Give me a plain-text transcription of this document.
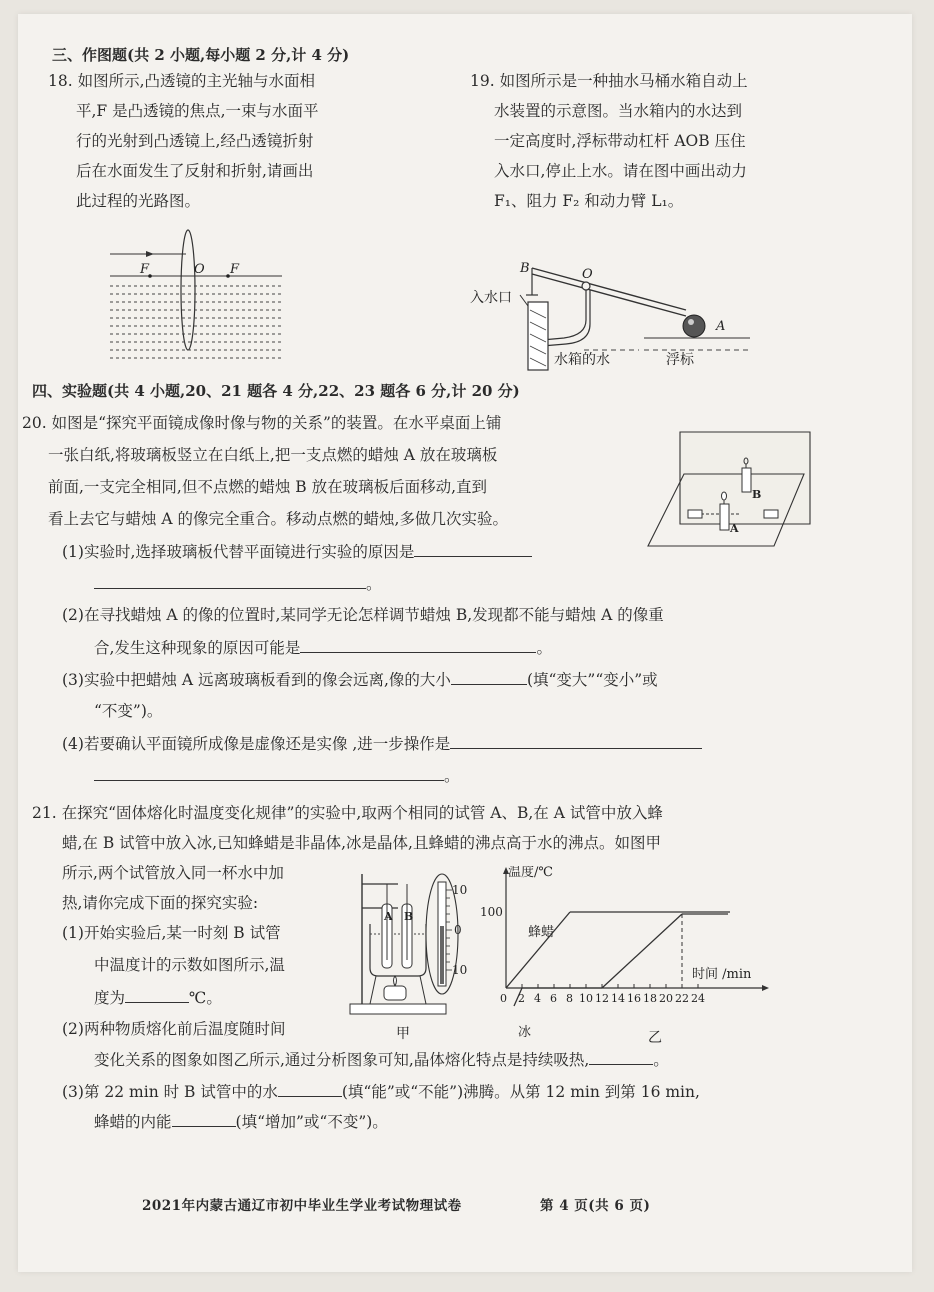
三、作图题(共 2 小题,每小题 2 分,计 4 分)
18. 如图所示,凸透镜的主光轴与水面相
平,F 是凸透镜的焦点,一束与水面平
行的光射到凸透镜上,经凸透镜折射
后在水面发生了反射和折射,请画出
此过程的光路图。
19. 如图所示是一种抽水马桶水箱自动上
水装置的示意图。当水箱内的水达到
一定高度时,浮标带动杠杆 AOB 压住
入水口,停止上水。请在图中画出动力
F₁、阻力 F₂ 和动力臂 L₁。
F	O F	B	O
A
入水口
水箱的水	浮标
四、实验题(共 4 小题,20、21 题各 4 分,22、23 题各 6 分,计 20 分)
20. 如图是“探究平面镜成像时像与物的关系”的装置。在水平桌面上铺
一张白纸,将玻璃板竖立在白纸上,把一支点燃的蜡烛 A 放在玻璃板
前面,一支完全相同,但不点燃的蜡烛 B 放在玻璃板后面移动,直到
看上去它与蜡烛 A 的像完全重合。移动点燃的蜡烛,多做几次实验。
(1)实验时,选择玻璃板代替平面镜进行实验的原因是
。
(2)在寻找蜡烛 A 的像的位置时,某同学无论怎样调节蜡烛 B,发现都不能与蜡烛 A 的像重
合,发生这种现象的原因可能是	。
(3)实验中把蜡烛 A 远离玻璃板看到的像会远离,像的大小	(填“变大”“变小”或
“不变”)。
(4)若要确认平面镜所成像是虚像还是实像 ,进一步操作是
。
B
A
21. 在探究“固体熔化时温度变化规律”的实验中,取两个相同的试管 A、B,在 A 试管中放入蜂
蜡,在 B 试管中放入冰,已知蜂蜡是非晶体,冰是晶体,且蜂蜡的沸点高于水的沸点。如图甲
所示,两个试管放入同一杯水中加
热,请你完成下面的探究实验:
(1)开始实验后,某一时刻 B 试管
中温度计的示数如图所示,温
度为	℃。
(2)两种物质熔化前后温度随时间
变化关系的图象如图乙所示,通过分析图象可知,晶体熔化特点是持续吸热,	。
(3)第 22 min 时 B 试管中的水	(填“能”或“不能”)沸腾。从第 12 min 到第 16 min,
蜂蜡的内能	(填“增加”或“不变”)。
A B
10
0
10
甲
温度/℃
时间 /min
100
蜂蜡
冰
0 2 4 6 8 10 12 14 16 18 20 22 24
乙
2021年内蒙古通辽市初中毕业生学业考试物理试卷	第 4 页(共 6 页)
